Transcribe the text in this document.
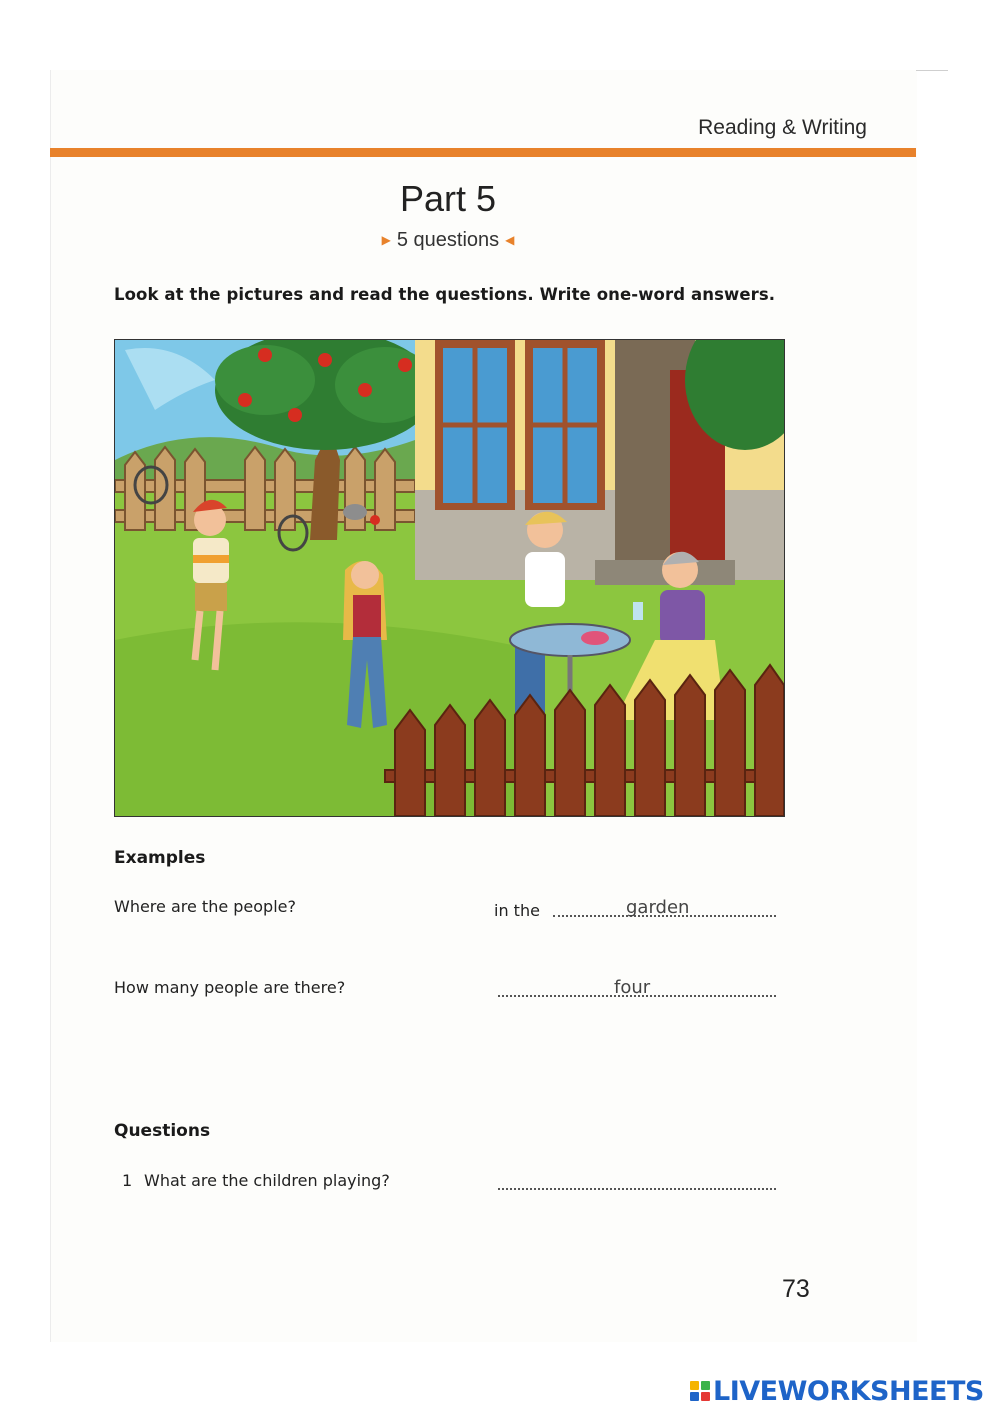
Reading & Writing
Part 5
▶ 5 questions ◀
Look at the pictures and read the questions. Write one-word answers.
Examples
Where are the people?	in the	garden
How many people are there?	four
Questions
1 What are the children playing?
73
LIVEWORKSHEETS
